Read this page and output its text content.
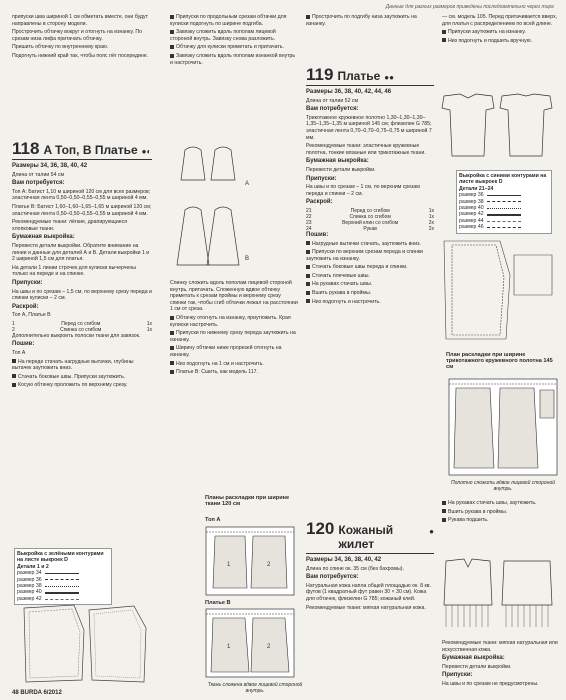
Данные для разных размеров приведены последовательно через тире

припуски шва шириной 1 см обметать вместе, они будут направлены в сторону модели.

Прострочить обтачку вокруг и отогнуть на изнанку. По срезам низа лифа притачать обтачку.

Пришить обтачку по внутреннему краю.

Подогнуть нижний край так, чтобы пояс лёг посередине.

118 A Топ, B Платье ●◐

Размеры 34, 36, 38, 40, 42

Длина от талии 54 см

Вам потребуется:

Топ А: Батист 1,10 м шириной 120 см для всех размеров; эластичная лента 0,50–0,50–0,55–0,55 м шириной 4 мм.

Платье В: Батист 1,60–1,60–1,65–1,65 м шириной 120 см; эластичная лента 0,50–0,50–0,55–0,55 м шириной 4 мм.

Рекомендуемые ткани: лёгкие, драпирующиеся хлопковые ткани.

Бумажная выкройка:

Перевести детали выкройки. Обратите внимание на линии и данные для деталей А и В. Детали выкройки 1 и 2 шириной 1,5 см для платья.

На детали 1 линии строчек для кулиски вычерчены только на переде и на спинке.

Припуски:

На швы и по срезам – 1,5 см, по верхнему срезу переда и спинки кулиски – 2 см.

Раскрой:

Топ А, Платье В

1	Перед со сгибом	1x
2	Спинка со сгибом	1x

Дополнительно выкроить полоски ткани для завязок.

Пошив:

Топ А

На переде стачать нагрудные вытачки, глубины вытачек заутюжить вниз.

Стачать боковые швы. Припуски заутюжить.

Косую обтачку проложить по верхнему срезу.

Выкройка с зелёными контурами на листе выкроек D
Детали 1 и 2
размер 34
размер 36
размер 38
размер 40
размер 42
A
B

Припуски по продольным срезам обтачки для кулиски подогнуть по ширине подгиба.

Завязку сложить вдоль пополам лицевой стороной внутрь. Завязку снова разложить.

Обтачку для кулиски приметать и притачать.

Завязку сложить вдоль пополам изнанкой внутрь и настрочить.

Спинку сложить вдоль пополам лицевой стороной внутрь, притачать. Сложенную вдвое обтачку приметать к срезам проймы и верхнему срезу спинки так, чтобы сгиб обтачки лежал на расстоянии 1 см от среза.

Обтачку отогнуть на изнанку, приутюжить. Края кулиски настрочить.

Припуски по нижнему срезу переда заутюжить на изнанку.

Ширину обтачки ниже прорезей отогнуть на изнанку.

Низ подогнуть на 1 см и настрочить.

Платье В: Сшить, как модель 117.

Планы раскладки при ширине ткани 120 см
Топ А
1	2
Платье В
1	2
Ткань сложена вдвое лицевой стороной внутрь.

Прострочить по подгибу низа заутюжить на изнанку.

119 Платье ●●

Размеры 36, 38, 40, 42, 44, 46

Длина от талии 52 см

Вам потребуется:

Трикотажное кружевное полотно 1,30–1,30–1,30–1,35–1,35–1,35 м шириной 145 см; флизелин G 785; эластичная лента 0,70–0,70–0,75–0,75 м шириной 7 мм.

Рекомендуемые ткани: эластичные кружевные полотна, тонкие вязаные или трикотажные ткани.

Бумажная выкройка:

Перевести детали выкройки.

Припуски:

На швы и по срезам – 1 см, по верхним срезам переда и спинки – 2 см.

Раскрой:

21	Перед со сгибом	1x
22	Спинка со сгибом	1x
23	Верхний клин со сгибом	2x
24	Рукав	2x

Пошив:

Нагрудные вытачки стачать, заутюжить вниз.

Припуски по верхним срезам переда и спинки заутюжить на изнанку.

Стачать боковые швы переда и спинки.

Стачать плечевые швы.

На рукавах стачать швы.

Вшить рукава в проймы.

Низ подогнуть и настрочить.

120 Кожаный жилет
●

Размеры 34, 36, 38, 40, 42

Длина по спине ок. 35 см (без бахромы).

Вам потребуется:

Натуральная кожа напла общей площадью ок. 8 кв. футов (1 квадратный фут равен 30 × 30 см). Кожа для обтачек, флизелин G 785; кожаный клей.

Рекомендуемые ткани: мягкая натуральная кожа.

— см. модель 105. Перед притачивается вверх, для платья с распределением по всей длине.

Припуски заутюжить на изнанку.

Низ подогнуть и подшить вручную.

Выкройка с синими контурами на листе выкроек D
Детали 21–24
размер 36
размер 38
размер 40
размер 42
размер 44
размер 46
План раскладки при ширине трикотажного кружевного полотна 145 см
Полотно сложить вдвое лицевой стороной внутрь.

На рукавах стачать швы, заутюжить.

Вшить рукава в проймы.

Рукава подшить.

Рекомендуемые ткани: мягкая натуральная или искусственная кожа.

Бумажная выкройка:

Перевести детали выкройки.

Припуски:

На швы и по срезам не предусмотрены.

48 BURDA 6/2012
